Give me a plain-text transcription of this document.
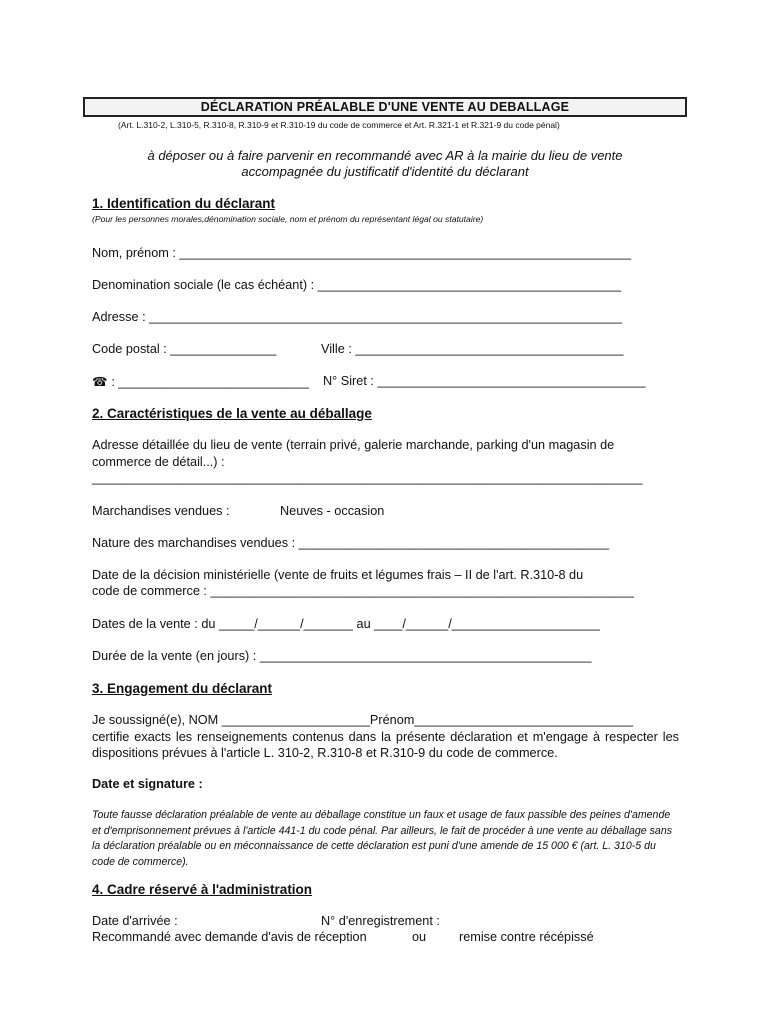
DÉCLARATION PRÉALABLE D'UNE VENTE AU DEBALLAGE
(Art. L.310-2, L.310-5, R.310-8, R.310-9 et R.310-19 du code de commerce et Art. R.321-1 et R.321-9 du code pénal)
à déposer ou à faire parvenir en recommandé avec AR à la mairie du lieu de vente
accompagnée du justificatif d'identité du déclarant
1. Identification du déclarant
(Pour les personnes morales,dénomination sociale, nom et prénom du représentant légal ou statutaire)
Nom, prénom : ________________________________________________________________
Denomination sociale (le cas échéant) : ___________________________________________
Adresse : ___________________________________________________________________
Code postal : _______________	Ville : ______________________________________
☎ : ___________________________ N° Siret : ______________________________________
2. Caractéristiques de la vente au déballage
Adresse détaillée du lieu de vente (terrain privé, galerie marchande, parking d'un magasin de
commerce de détail...) :
______________________________________________________________________________
Marchandises vendues :	Neuves - occasion
Nature des marchandises vendues : ____________________________________________
Date de la décision ministérielle (vente de fruits et légumes frais – II de l'art. R.310-8 du
code de commerce : ____________________________________________________________
Dates de la vente : du _____/______/_______ au ____/______/_____________________
Durée de la vente (en jours) : _______________________________________________
3. Engagement du déclarant
Je soussigné(e), NOM _____________________Prénom_______________________________
certifie exacts les renseignements contenus dans la présente déclaration et m'engage à respecter les dispositions prévues à l'article L. 310-2, R.310-8 et R.310-9 du code de commerce.
Date et signature :
Toute fausse déclaration préalable de vente au déballage constitue un faux et usage de faux passible des peines d'amende et d'emprisonnement prévues à l'article 441-1 du code pénal. Par ailleurs, le fait de procéder à une vente au déballage sans la déclaration préalable ou en méconnaissance de cette déclaration est puni d'une amende de 15 000 € (art. L. 310-5 du code de commerce).
4. Cadre réservé à l'administration
Date d'arrivée :	N° d'enregistrement :
Recommandé avec demande d'avis de réception	ou	remise contre récépissé
